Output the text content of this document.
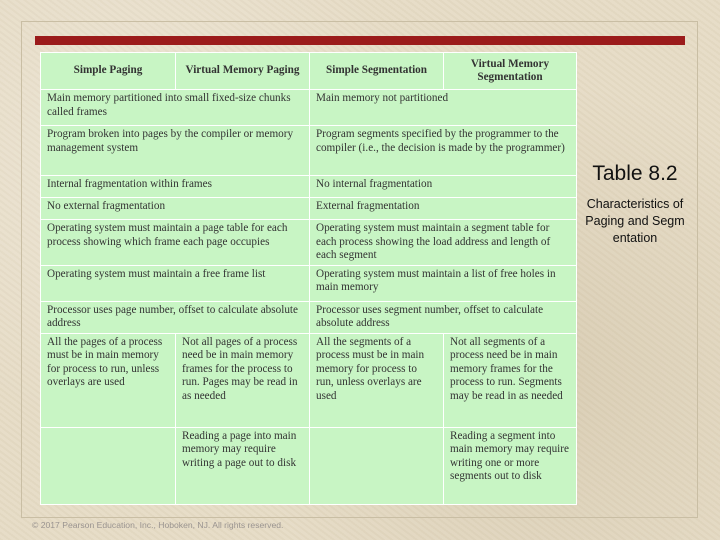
Simple Paging	Virtual Memory Paging	Simple Segmentation	Virtual Memory Segmentation
Main memory partitioned into small fixed-size chunks called frames		Main memory not partitioned	
Program broken into pages by the compiler or memory management system		Program segments specified by the programmer to the compiler (i.e., the decision is made by the programmer)	
Internal fragmentation within frames		No internal fragmentation	
No external fragmentation		External fragmentation	
Operating system must maintain a page table for each process showing which frame each page occupies		Operating system must maintain a segment table for each process showing the load address and length of each segment	
Operating system must maintain a free frame list		Operating system must maintain a list of free holes in main memory	
Processor uses page number, offset to calculate absolute address		Processor uses segment number, offset to calculate absolute address	
All the pages of a process must be in main memory for process to run, unless overlays are used	Not all pages of a process need be in main memory frames for the process to run. Pages may be read in as needed	All the segments of a process must be in main memory for process to run, unless overlays are used	Not all segments of a process need be in main memory frames for the process to run. Segments may be read in as needed
	Reading a page into main memory may require writing a page out to disk		Reading a segment into main memory may require writing one or more segments out to disk
Table 8.2
Characteristics of Paging and Segmentation
© 2017 Pearson Education, Inc., Hoboken, NJ. All rights reserved.
